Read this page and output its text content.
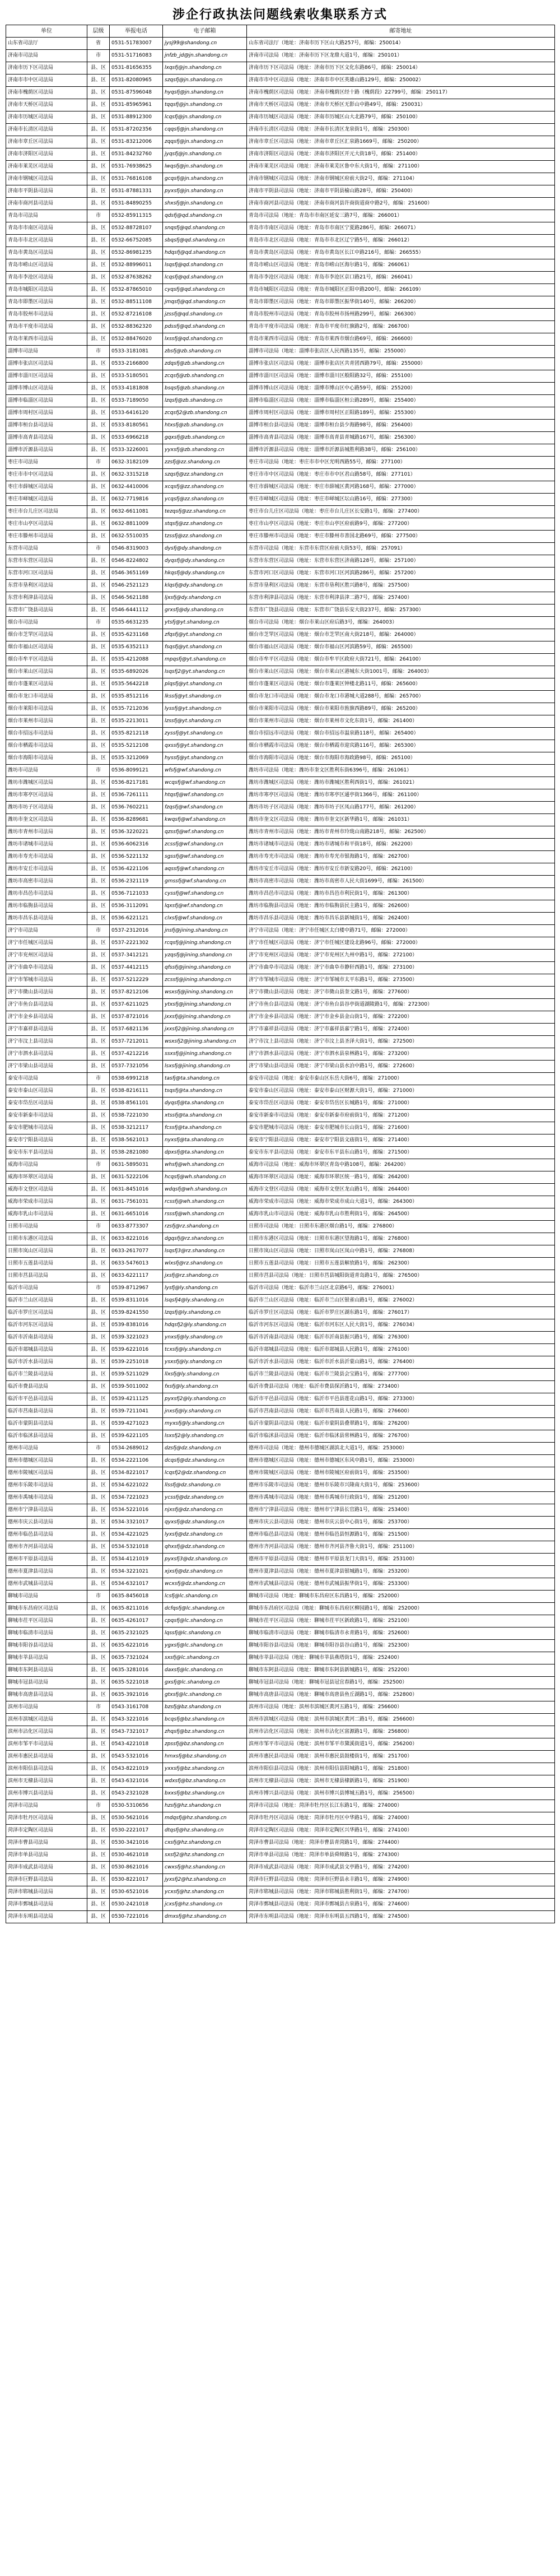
涉企行政执法问题线索收集联系方式
单位	层级	举报电话	电子邮箱	邮寄地址
山东省司法厅	省	0531-51783007	jysj99@shandong.cn	山东省司法厅（地址：济南市历下区山大路257号，邮编：250014）
济南市司法局	市	0531-51716083	jnfzb_jd@jn.shandong.cn	济南市司法局（地址：济南市历下区龙鼎大道1号，邮编：250101）
济南市历下区司法局	县、区	0531-81656355	lxqsfj@jn.shandong.cn	济南市历下区司法局（地址：济南市历下区文化东路86号，邮编：250014）
济南市市中区司法局	县、区	0531-82080965	szqsfj@jn.shandong.cn	济南市市中区司法局（地址：济南市市中区英雄山路129号，邮编：250002）
济南市槐荫区司法局	县、区	0531-87596048	hyqsfj@jn.shandong.cn	济南市槐荫区司法局（地址：济南市槐荫区经十路（槐荫段）22799号，邮编：250117）
济南市天桥区司法局	县、区	0531-85965961	tqqsfj@jn.shandong.cn	济南市天桥区司法局（地址：济南市天桥区无影山中路49号，邮编：250031）
济南市历城区司法局	县、区	0531-88912300	lcqsfj@jn.shandong.cn	济南市历城区司法局（地址：济南市历城区山大北路79号，邮编：250100）
济南市长清区司法局	县、区	0531-87202356	cqqsfj@jn.shandong.cn	济南市长清区司法局（地址：济南市长清区龙泉街1号，邮编：250300）
济南市章丘区司法局	县、区	0531-83212006	zqqsfj@jn.shandong.cn	济南市章丘区司法局（地址：济南市章丘区汇泉路1669号，邮编：250200）
济南市济阳区司法局	县、区	0531-84232760	jyqsfj@jn.shandong.cn	济南市济阳区司法局（地址：济南市济阳区开元大街18号，邮编：251400）
济南市莱芜区司法局	县、区	0531-76938625	lwqsfj@jn.shandong.cn	济南市莱芜区司法局（地址：济南市莱芜区鲁中东大街1号，邮编：271100）
济南市钢城区司法局	县、区	0531-76816108	gcqsfj@jn.shandong.cn	济南市钢城区司法局（地址：济南市钢城区府前大街2号，邮编：271104）
济南市平阴县司法局	县、区	0531-87881331	pyxsfj@jn.shandong.cn	济南市平阴县司法局（地址：济南市平阴县榆山路28号，邮编：250400）
济南市商河县司法局	县、区	0531-84890255	shxsfj@jn.shandong.cn	济南市商河县司法局（地址：济南市商河县许商街道商中路2号，邮编：251600）
青岛市司法局	市	0532-85911315	qdsfj@qd.shandong.cn	青岛市司法局（地址：青岛市市南区延安三路7号，邮编：266001）
青岛市市南区司法局	县、区	0532-88728107	snqsfj@qd.shandong.cn	青岛市市南区司法局（地址：青岛市市南区宁夏路286号，邮编：266071）
青岛市市北区司法局	县、区	0532-66752085	sbqsfj@qd.shandong.cn	青岛市市北区司法局（地址：青岛市市北区辽宁路5号，邮编：266012）
青岛市黄岛区司法局	县、区	0532-86981235	hdqsfj@qd.shandong.cn	青岛市黄岛区司法局（地址：青岛市黄岛区长江中路216号，邮编：266555）
青岛市崂山区司法局	县、区	0532-88996011	lsqsfj@qd.shandong.cn	青岛市崂山区司法局（地址：青岛市崂山区海尔路1号，邮编：266061）
青岛市李沧区司法局	县、区	0532-87638262	lcqsfj@qd.shandong.cn	青岛市李沧区司法局（地址：青岛市李沧区京口路21号，邮编：266041）
青岛市城阳区司法局	县、区	0532-87865010	cyqsfj@qd.shandong.cn	青岛市城阳区司法局（地址：青岛市城阳区正阳中路200号，邮编：266109）
青岛市即墨区司法局	县、区	0532-88511108	jmqsfj@qd.shandong.cn	青岛市即墨区司法局（地址：青岛市即墨区振华街140号，邮编：266200）
青岛市胶州市司法局	县、区	0532-87216108	jzssfj@qd.shandong.cn	青岛市胶州市司法局（地址：青岛市胶州市扬州路299号，邮编：266300）
青岛市平度市司法局	县、区	0532-88362320	pdssfj@qd.shandong.cn	青岛市平度市司法局（地址：青岛市平度市红旗路2号，邮编：266700）
青岛市莱西市司法局	县、区	0532-88476020	lxssfj@qd.shandong.cn	青岛市莱西市司法局（地址：青岛市莱西市烟台路69号，邮编：266600）
淄博市司法局	市	0533-3181081	zbsfj@zb.shandong.cn	淄博市司法局（地址：淄博市张店区人民西路135号，邮编：255000）
淄博市张店区司法局	县、区	0533-2166800	zdqsfj@zb.shandong.cn	淄博市张店区司法局（地址：淄博市张店区共青团西路79号，邮编：255000）
淄博市淄川区司法局	县、区	0533-5180501	zcqsfj@zb.shandong.cn	淄博市淄川区司法局（地址：淄博市淄川区般阳路32号，邮编：255100）
淄博市博山区司法局	县、区	0533-4181808	bsqsfj@zb.shandong.cn	淄博市博山区司法局（地址：淄博市博山区中心路59号，邮编：255200）
淄博市临淄区司法局	县、区	0533-7189050	lzqsfj@zb.shandong.cn	淄博市临淄区司法局（地址：淄博市临淄区桓公路289号，邮编：255400）
淄博市周村区司法局	县、区	0533-6416120	zcqsfj2@zb.shandong.cn	淄博市周村区司法局（地址：淄博市周村区正阳路189号，邮编：255300）
淄博市桓台县司法局	县、区	0533-8180561	htxsfj@zb.shandong.cn	淄博市桓台县司法局（地址：淄博市桓台县少海路98号，邮编：256400）
淄博市高青县司法局	县、区	0533-6966218	gqxsfj@zb.shandong.cn	淄博市高青县司法局（地址：淄博市高青县青城路167号，邮编：256300）
淄博市沂源县司法局	县、区	0533-3226001	yyxsfj@zb.shandong.cn	淄博市沂源县司法局（地址：淄博市沂源县城胜利路38号，邮编：256100）
枣庄市司法局	市	0632-3182109	zzsfj@zz.shandong.cn	枣庄市司法局（地址：枣庄市市中区光明西路55号，邮编：277100）
枣庄市市中区司法局	县、区	0632-3315218	szqsfj@zz.shandong.cn	枣庄市市中区司法局（地址：枣庄市市中区君山路58号，邮编：277101）
枣庄市薛城区司法局	县、区	0632-4410006	xcqsfj@zz.shandong.cn	枣庄市薛城区司法局（地址：枣庄市薛城区黄河路168号，邮编：277000）
枣庄市峄城区司法局	县、区	0632-7719816	ycqsfj@zz.shandong.cn	枣庄市峄城区司法局（地址：枣庄市峄城区坛山路16号，邮编：277300）
枣庄市台儿庄区司法局	县、区	0632-6611081	tezqsfj@zz.shandong.cn	枣庄市台儿庄区司法局（地址：枣庄市台儿庄区长安路1号，邮编：277400）
枣庄市山亭区司法局	县、区	0632-8811009	stqsfj@zz.shandong.cn	枣庄市山亭区司法局（地址：枣庄市山亭区府前路9号，邮编：277200）
枣庄市滕州市司法局	县、区	0632-5510035	tzssfj@zz.shandong.cn	枣庄市滕州市司法局（地址：枣庄市滕州市善国北路69号，邮编：277500）
东营市司法局	市	0546-8319003	dysfj@dy.shandong.cn	东营市司法局（地址：东营市东营区府前大街53号，邮编：257091）
东营市东营区司法局	县、区	0546-8224802	dyqsfj@dy.shandong.cn	东营市东营区司法局（地址：东营市东营区济南路128号，邮编：257100）
东营市河口区司法局	县、区	0546-3651169	hkqsfj@dy.shandong.cn	东营市河口区司法局（地址：东营市河口区河滨路286号，邮编：257200）
东营市垦利区司法局	县、区	0546-2521123	klqsfj@dy.shandong.cn	东营市垦利区司法局（地址：东营市垦利区胜兴路8号，邮编：257500）
东营市利津县司法局	县、区	0546-5621188	ljxsfj@dy.shandong.cn	东营市利津县司法局（地址：东营市利津县津二路7号，邮编：257400）
东营市广饶县司法局	县、区	0546-6441112	grxsfj@dy.shandong.cn	东营市广饶县司法局（地址：东营市广饶县乐安大街237号，邮编：257300）
烟台市司法局	市	0535-6631235	ytsfj@yt.shandong.cn	烟台市司法局（地址：烟台市莱山区府后路3号，邮编：264003）
烟台市芝罘区司法局	县、区	0535-6231168	zfqsfj@yt.shandong.cn	烟台市芝罘区司法局（地址：烟台市芝罘区南大街218号，邮编：264000）
烟台市福山区司法局	县、区	0535-6352113	fsqsfj@yt.shandong.cn	烟台市福山区司法局（地址：烟台市福山区河滨路59号，邮编：265500）
烟台市牟平区司法局	县、区	0535-4212088	mpqsfj@yt.shandong.cn	烟台市牟平区司法局（地址：烟台市牟平区政府大街721号，邮编：264100）
烟台市莱山区司法局	县、区	0535-6892026	lsqsfj2@yt.shandong.cn	烟台市莱山区司法局（地址：烟台市莱山区港城东大街1001号，邮编：264003）
烟台市蓬莱区司法局	县、区	0535-5642218	plqsfj@yt.shandong.cn	烟台市蓬莱区司法局（地址：烟台市蓬莱区钟楼北路11号，邮编：265600）
烟台市龙口市司法局	县、区	0535-8512116	lkssfj@yt.shandong.cn	烟台市龙口市司法局（地址：烟台市龙口市港城大道288号，邮编：265700）
烟台市莱阳市司法局	县、区	0535-7212036	lyssfj@yt.shandong.cn	烟台市莱阳市司法局（地址：烟台市莱阳市旌旗西路89号，邮编：265200）
烟台市莱州市司法局	县、区	0535-2213011	lzssfj@yt.shandong.cn	烟台市莱州市司法局（地址：烟台市莱州市文化东街1号，邮编：261400）
烟台市招远市司法局	县、区	0535-8212118	zyssfj@yt.shandong.cn	烟台市招远市司法局（地址：烟台市招远市温泉路118号，邮编：265400）
烟台市栖霞市司法局	县、区	0535-5212108	qxssfj@yt.shandong.cn	烟台市栖霞市司法局（地址：烟台市栖霞市迎宾路116号，邮编：265300）
烟台市海阳市司法局	县、区	0535-3212069	hyssfj@yt.shandong.cn	烟台市海阳市司法局（地址：烟台市海阳市海政路98号，邮编：265100）
潍坊市司法局	市	0536-8099121	wfsfj@wf.shandong.cn	潍坊市司法局（地址：潍坊市奎文区胜利东街6396号，邮编：261061）
潍坊市潍城区司法局	县、区	0536-8217181	wcqsfj@wf.shandong.cn	潍坊市潍城区司法局（地址：潍坊市潍城区胜利西街1号，邮编：261021）
潍坊市寒亭区司法局	县、区	0536-7261111	htqsfj@wf.shandong.cn	潍坊市寒亭区司法局（地址：潍坊市寒亭区通亭街1366号，邮编：261100）
潍坊市坊子区司法局	县、区	0536-7602211	fzqsfj@wf.shandong.cn	潍坊市坊子区司法局（地址：潍坊市坊子区凤山路177号，邮编：261200）
潍坊市奎文区司法局	县、区	0536-8289681	kwqsfj@wf.shandong.cn	潍坊市奎文区司法局（地址：潍坊市奎文区新华路1号，邮编：261031）
潍坊市青州市司法局	县、区	0536-3220221	qzssfj@wf.shandong.cn	潍坊市青州市司法局（地址：潍坊市青州市玲珑山南路218号，邮编：262500）
潍坊市诸城市司法局	县、区	0536-6062316	zcssfj@wf.shandong.cn	潍坊市诸城市司法局（地址：潍坊市诸城市和平街18号，邮编：262200）
潍坊市寿光市司法局	县、区	0536-5221132	sgssfj@wf.shandong.cn	潍坊市寿光市司法局（地址：潍坊市寿光市银海路1号，邮编：262700）
潍坊市安丘市司法局	县、区	0536-4221106	aqssfj@wf.shandong.cn	潍坊市安丘市司法局（地址：潍坊市安丘市新安路20号，邮编：262100）
潍坊市高密市司法局	县、区	0536-2321119	gmssfj@wf.shandong.cn	潍坊市高密市司法局（地址：潍坊市高密市人民大街1699号，邮编：261500）
潍坊市昌邑市司法局	县、区	0536-7121033	cyssfj@wf.shandong.cn	潍坊市昌邑市司法局（地址：潍坊市昌邑市利民街1号，邮编：261300）
潍坊市临朐县司法局	县、区	0536-3112091	lqxsfj@wf.shandong.cn	潍坊市临朐县司法局（地址：潍坊市临朐县民主路1号，邮编：262600）
潍坊市昌乐县司法局	县、区	0536-6221121	clxsfj@wf.shandong.cn	潍坊市昌乐县司法局（地址：潍坊市昌乐县新城街1号，邮编：262400）
济宁市司法局	市	0537-2312016	jnsfj@jining.shandong.cn	济宁市司法局（地址：济宁市任城区太白楼中路71号，邮编：272000）
济宁市任城区司法局	县、区	0537-2221302	rcqsfj@jining.shandong.cn	济宁市任城区司法局（地址：济宁市任城区建设北路96号，邮编：272000）
济宁市兖州区司法局	县、区	0537-3412121	yzqsfj@jining.shandong.cn	济宁市兖州区司法局（地址：济宁市兖州区九州中路1号，邮编：272100）
济宁市曲阜市司法局	县、区	0537-4412115	qfssfj@jining.shandong.cn	济宁市曲阜市司法局（地址：济宁市曲阜市静轩西路1号，邮编：273100）
济宁市邹城市司法局	县、区	0537-5212229	zcssfj@jining.shandong.cn	济宁市邹城市司法局（地址：济宁市邹城市太平东路1号，邮编：273500）
济宁市微山县司法局	县、区	0537-8212106	wsxsfj@jining.shandong.cn	济宁市微山县司法局（地址：济宁市微山县奎文路1号，邮编：277600）
济宁市鱼台县司法局	县、区	0537-6211025	ytxsfj@jining.shandong.cn	济宁市鱼台县司法局（地址：济宁市鱼台县谷亭街道湖陵路1号，邮编：272300）
济宁市金乡县司法局	县、区	0537-8721016	jxxsfj@jining.shandong.cn	济宁市金乡县司法局（地址：济宁市金乡县金山街1号，邮编：272200）
济宁市嘉祥县司法局	县、区	0537-6821136	jxxsfj2@jining.shandong.cn	济宁市嘉祥县司法局（地址：济宁市嘉祥县嘉宁路1号，邮编：272400）
济宁市汶上县司法局	县、区	0537-7212011	wsxsfj2@jining.shandong.cn	济宁市汶上县司法局（地址：济宁市汶上县圣泽大街1号，邮编：272500）
济宁市泗水县司法局	县、区	0537-4212216	ssxsfj@jining.shandong.cn	济宁市泗水县司法局（地址：济宁市泗水县泉林路1号，邮编：273200）
济宁市梁山县司法局	县、区	0537-7321056	lsxsfj@jining.shandong.cn	济宁市梁山县司法局（地址：济宁市梁山县水泊中路1号，邮编：272600）
泰安市司法局	市	0538-6991218	tasfj@ta.shandong.cn	泰安市司法局（地址：泰安市泰山区东岳大街6号，邮编：271000）
泰安市泰山区司法局	县、区	0538-8216111	tsqsfj@ta.shandong.cn	泰安市泰山区司法局（地址：泰安市泰山区财源大街1号，邮编：271000）
泰安市岱岳区司法局	县、区	0538-8561101	dyqsfj@ta.shandong.cn	泰安市岱岳区司法局（地址：泰安市岱岳区长城路1号，邮编：271000）
泰安市新泰市司法局	县、区	0538-7221030	xtssfj@ta.shandong.cn	泰安市新泰市司法局（地址：泰安市新泰市府前街1号，邮编：271200）
泰安市肥城市司法局	县、区	0538-3212117	fcssfj@ta.shandong.cn	泰安市肥城市司法局（地址：泰安市肥城市长山街1号，邮编：271600）
泰安市宁阳县司法局	县、区	0538-5621013	nyxsfj@ta.shandong.cn	泰安市宁阳县司法局（地址：泰安市宁阳县文庙街1号，邮编：271400）
泰安市东平县司法局	县、区	0538-2821080	dpxsfj@ta.shandong.cn	泰安市东平县司法局（地址：泰安市东平县东山路1号，邮编：271500）
威海市司法局	市	0631-5895031	whsfj@wh.shandong.cn	威海市司法局（地址：威海市环翠区青岛中路108号，邮编：264200）
威海市环翠区司法局	县、区	0631-5222106	hcqsfj@wh.shandong.cn	威海市环翠区司法局（地址：威海市环翠区统一路1号，邮编：264200）
威海市文登区司法局	县、区	0631-8451016	wdqsfj@wh.shandong.cn	威海市文登区司法局（地址：威海市文登区龙山路1号，邮编：264400）
威海市荣成市司法局	县、区	0631-7561031	rcssfj@wh.shandong.cn	威海市荣成市司法局（地址：威海市荣成市成山大道1号，邮编：264300）
威海市乳山市司法局	县、区	0631-6651016	rsssfj@wh.shandong.cn	威海市乳山市司法局（地址：威海市乳山市胜利街1号，邮编：264500）
日照市司法局	市	0633-8773307	rzsfj@rz.shandong.cn	日照市司法局（地址：日照市东港区烟台路1号，邮编：276800）
日照市东港区司法局	县、区	0633-8221016	dgqsfj@rz.shandong.cn	日照市东港区司法局（地址：日照市东港区望海路1号，邮编：276800）
日照市岚山区司法局	县、区	0633-2617077	lsqsfj3@rz.shandong.cn	日照市岚山区司法局（地址：日照市岚山区岚山中路1号，邮编：276808）
日照市五莲县司法局	县、区	0633-5476013	wlxsfj@rz.shandong.cn	日照市五莲县司法局（地址：日照市五莲县解放路1号，邮编：262300）
日照市莒县司法局	县、区	0633-6221117	jxsfj@rz.shandong.cn	日照市莒县司法局（地址：日照市莒县城阳街道青岛路1号，邮编：276500）
临沂市司法局	市	0539-8712967	lysfj@ly.shandong.cn	临沂市司法局（地址：临沂市兰山区北京路6号，邮编：276001）
临沂市兰山区司法局	县、区	0539-8311016	lsqsfj4@ly.shandong.cn	临沂市兰山区司法局（地址：临沂市兰山区银雀山路1号，邮编：276002）
临沂市罗庄区司法局	县、区	0539-8241550	lzqsfj@ly.shandong.cn	临沂市罗庄区司法局（地址：临沂市罗庄区湖东路1号，邮编：276017）
临沂市河东区司法局	县、区	0539-8381016	hdqsfj2@ly.shandong.cn	临沂市河东区司法局（地址：临沂市河东区人民大街1号，邮编：276034）
临沂市沂南县司法局	县、区	0539-3221023	ynxsfj@ly.shandong.cn	临沂市沂南县司法局（地址：临沂市沂南县振兴路1号，邮编：276300）
临沂市郯城县司法局	县、区	0539-6221016	tcxsfj@ly.shandong.cn	临沂市郯城县司法局（地址：临沂市郯城县人民路1号，邮编：276100）
临沂市沂水县司法局	县、区	0539-2251018	ysxsfj@ly.shandong.cn	临沂市沂水县司法局（地址：临沂市沂水县沂蒙山路1号，邮编：276400）
临沂市兰陵县司法局	县、区	0539-5211029	llxsfj@ly.shandong.cn	临沂市兰陵县司法局（地址：临沂市兰陵县会宝路1号，邮编：277700）
临沂市费县司法局	县、区	0539-5011002	fxsfj@ly.shandong.cn	临沂市费县司法局（地址：临沂市费县探沂路1号，邮编：273400）
临沂市平邑县司法局	县、区	0539-4211125	pyxsfj2@ly.shandong.cn	临沂市平邑县司法局（地址：临沂市平邑县莲花山路1号，邮编：273300）
临沂市莒南县司法局	县、区	0539-7211041	jnxsfj@ly.shandong.cn	临沂市莒南县司法局（地址：临沂市莒南县人民路1号，邮编：276600）
临沂市蒙阴县司法局	县、区	0539-4271023	myxsfj@ly.shandong.cn	临沂市蒙阴县司法局（地址：临沂市蒙阴县叠翠路1号，邮编：276200）
临沂市临沭县司法局	县、区	0539-6221105	lsxsfj2@ly.shandong.cn	临沂市临沭县司法局（地址：临沂市临沭县常林路1号，邮编：276700）
德州市司法局	市	0534-2689012	dzsfj@dz.shandong.cn	德州市司法局（地址：德州市德城区湖滨北大道1号，邮编：253000）
德州市德城区司法局	县、区	0534-2221106	dcqsfj@dz.shandong.cn	德州市德城区司法局（地址：德州市德城区东风中路1号，邮编：253000）
德州市陵城区司法局	县、区	0534-8221017	lcqsfj2@dz.shandong.cn	德州市陵城区司法局（地址：德州市陵城区府前街1号，邮编：253500）
德州市乐陵市司法局	县、区	0534-6221022	llssfj@dz.shandong.cn	德州市乐陵市司法局（地址：德州市乐陵市兴隆南大街1号，邮编：253600）
德州市禹城市司法局	县、区	0534-7221023	ycssfj@dz.shandong.cn	德州市禹城市司法局（地址：德州市禹城市行政街1号，邮编：251200）
德州市宁津县司法局	县、区	0534-5221016	njxsfj@dz.shandong.cn	德州市宁津县司法局（地址：德州市宁津县长官路1号，邮编：253400）
德州市庆云县司法局	县、区	0534-3321017	qyxsfj@dz.shandong.cn	德州市庆云县司法局（地址：德州市庆云县中心街1号，邮编：253700）
德州市临邑县司法局	县、区	0534-4221025	lyxsfj@dz.shandong.cn	德州市临邑县司法局（地址：德州市临邑县恒源路1号，邮编：251500）
德州市齐河县司法局	县、区	0534-5321018	qhxsfj@dz.shandong.cn	德州市齐河县司法局（地址：德州市齐河县齐鲁大街1号，邮编：251100）
德州市平原县司法局	县、区	0534-4121019	pyxsfj3@dz.shandong.cn	德州市平原县司法局（地址：德州市平原县龙门大街1号，邮编：253100）
德州市夏津县司法局	县、区	0534-3221021	xjxsfj@dz.shandong.cn	德州市夏津县司法局（地址：德州市夏津县银城路1号，邮编：253200）
德州市武城县司法局	县、区	0534-6321017	wcxsfj@dz.shandong.cn	德州市武城县司法局（地址：德州市武城县振华街1号，邮编：253300）
聊城市司法局	市	0635-8456018	lcsfj@lc.shandong.cn	聊城市司法局（地址：聊城市东昌府区东昌路1号，邮编：252000）
聊城市东昌府区司法局	县、区	0635-8211016	dcfqsfj@lc.shandong.cn	聊城市东昌府区司法局（地址：聊城市东昌府区柳园路1号，邮编：252000）
聊城市茌平区司法局	县、区	0635-4261017	cpqsfj@lc.shandong.cn	聊城市茌平区司法局（地址：聊城市茌平区新政路1号，邮编：252100）
聊城市临清市司法局	县、区	0635-2321025	lqssfj@lc.shandong.cn	聊城市临清市司法局（地址：聊城市临清市永青路1号，邮编：252600）
聊城市阳谷县司法局	县、区	0635-6221016	ygxsfj@lc.shandong.cn	聊城市阳谷县司法局（地址：聊城市阳谷县谷山路1号，邮编：252300）
聊城市莘县司法局	县、区	0635-7321024	sxsfj@lc.shandong.cn	聊城市莘县司法局（地址：聊城市莘县燕塔街1号，邮编：252400）
聊城市东阿县司法局	县、区	0635-3281016	daxsfj@lc.shandong.cn	聊城市东阿县司法局（地址：聊城市东阿县新城路1号，邮编：252200）
聊城市冠县司法局	县、区	0635-5221018	gxsfj@lc.shandong.cn	聊城市冠县司法局（地址：聊城市冠县冠宜春路1号，邮编：252500）
聊城市高唐县司法局	县、区	0635-3921016	gtxsfj@lc.shandong.cn	聊城市高唐县司法局（地址：聊城市高唐县鱼丘湖路1号，邮编：252800）
滨州市司法局	市	0543-3161708	bzsfj@bz.shandong.cn	滨州市司法局（地址：滨州市滨城区黄河五路1号，邮编：256600）
滨州市滨城区司法局	县、区	0543-3221016	bcqsfj@bz.shandong.cn	滨州市滨城区司法局（地址：滨州市滨城区黄河二路1号，邮编：256600）
滨州市沾化区司法局	县、区	0543-7321017	zhqsfj@bz.shandong.cn	滨州市沾化区司法局（地址：滨州市沾化区富源路1号，邮编：256800）
滨州市邹平市司法局	县、区	0543-4221018	zpssfj@bz.shandong.cn	滨州市邹平市司法局（地址：滨州市邹平市黛溪街道1号，邮编：256200）
滨州市惠民县司法局	县、区	0543-5321016	hmxsfj@bz.shandong.cn	滨州市惠民县司法局（地址：滨州市惠民县鼓楼街1号，邮编：251700）
滨州市阳信县司法局	县、区	0543-8221019	yxxsfj@bz.shandong.cn	滨州市阳信县司法局（地址：滨州市阳信县阳城路1号，邮编：251800）
滨州市无棣县司法局	县、区	0543-6321016	wdxsfj@bz.shandong.cn	滨州市无棣县司法局（地址：滨州市无棣县棣新路1号，邮编：251900）
滨州市博兴县司法局	县、区	0543-2321028	bxxsfj@bz.shandong.cn	滨州市博兴县司法局（地址：滨州市博兴县博城五路1号，邮编：256500）
菏泽市司法局	市	0530-5310656	hzsfj@hz.shandong.cn	菏泽市司法局（地址：菏泽市牡丹区长江东路1号，邮编：274000）
菏泽市牡丹区司法局	县、区	0530-5621016	mdqsfj@hz.shandong.cn	菏泽市牡丹区司法局（地址：菏泽市牡丹区中华路1号，邮编：274000）
菏泽市定陶区司法局	县、区	0530-2221017	dtqsfj@hz.shandong.cn	菏泽市定陶区司法局（地址：菏泽市定陶区兴华路1号，邮编：274100）
菏泽市曹县司法局	县、区	0530-3421016	cxsfj@hz.shandong.cn	菏泽市曹县司法局（地址：菏泽市曹县青菏路1号，邮编：274400）
菏泽市单县司法局	县、区	0530-4621018	sxsfj2@hz.shandong.cn	菏泽市单县司法局（地址：菏泽市单县舜师路1号，邮编：274300）
菏泽市成武县司法局	县、区	0530-8621016	cwxsfj@hz.shandong.cn	菏泽市成武县司法局（地址：菏泽市成武县文亭路1号，邮编：274200）
菏泽市巨野县司法局	县、区	0530-8221017	jyxsfj2@hz.shandong.cn	菏泽市巨野县司法局（地址：菏泽市巨野县永丰路1号，邮编：274900）
菏泽市郓城县司法局	县、区	0530-6521016	ycxsfj@hz.shandong.cn	菏泽市郓城县司法局（地址：菏泽市郓城县胜利街1号，邮编：274700）
菏泽市鄄城县司法局	县、区	0530-2421018	jcxsfj@hz.shandong.cn	菏泽市鄄城县司法局（地址：菏泽市鄄城县古泉路1号，邮编：274600）
菏泽市东明县司法局	县、区	0530-7221016	dmxsfj@hz.shandong.cn	菏泽市东明县司法局（地址：菏泽市东明县五四路1号，邮编：274500）
